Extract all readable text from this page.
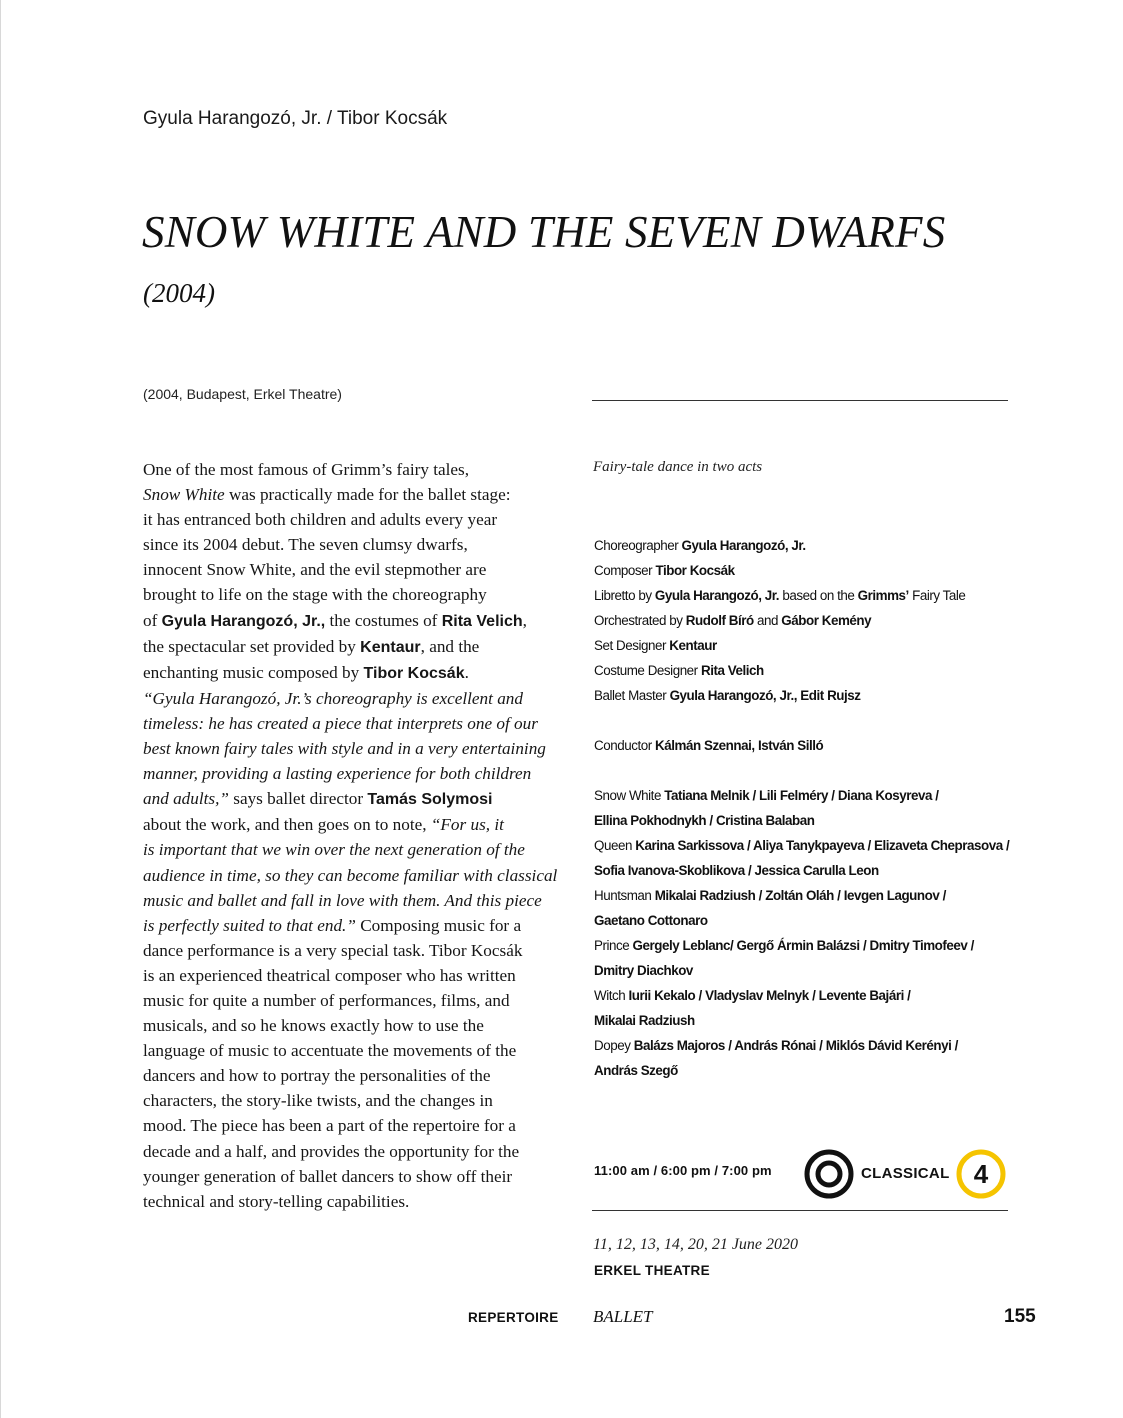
Gyula Harangozó, Jr. / Tibor Kocsák
SNOW WHITE AND THE SEVEN DWARFS
(2004)
(2004, Budapest, Erkel Theatre)
One of the most famous of Grimm’s fairy tales,
Snow White was practically made for the ballet stage:
it has entranced both children and adults every year
since its 2004 debut. The seven clumsy dwarfs,
innocent Snow White, and the evil stepmother are
brought to life on the stage with the choreography
of Gyula Harangozó, Jr., the costumes of Rita Velich,
the spectacular set provided by Kentaur, and the
enchanting music composed by Tibor Kocsák.
“Gyula Harangozó, Jr.’s choreography is excellent and
timeless: he has created a piece that interprets one of our
best known fairy tales with style and in a very entertaining
manner, providing a lasting experience for both children
and adults,” says ballet director Tamás Solymosi
about the work, and then goes on to note, “For us, it
is important that we win over the next generation of the
audience in time, so they can become familiar with classical
music and ballet and fall in love with them. And this piece
is perfectly suited to that end.” Composing music for a
dance performance is a very special task. Tibor Kocsák
is an experienced theatrical composer who has written
music for quite a number of performances, films, and
musicals, and so he knows exactly how to use the
language of music to accentuate the movements of the
dancers and how to portray the personalities of the
characters, the story-like twists, and the changes in
mood. The piece has been a part of the repertoire for a
decade and a half, and provides the opportunity for the
younger generation of ballet dancers to show off their
technical and story-telling capabilities.
Fairy-tale dance in two acts
Choreographer Gyula Harangozó, Jr.
Composer Tibor Kocsák
Libretto by Gyula Harangozó, Jr. based on the Grimms’ Fairy Tale
Orchestrated by Rudolf Bíró and Gábor Kemény
Set Designer Kentaur
Costume Designer Rita Velich
Ballet Master Gyula Harangozó, Jr., Edit Rujsz

Conductor Kálmán Szennai, István Silló

Snow White Tatiana Melnik / Lili Felméry / Diana Kosyreva /
Ellina Pokhodnykh / Cristina Balaban
Queen Karina Sarkissova / Aliya Tanykpayeva / Elizaveta Cheprasova /
Sofia Ivanova-Skoblikova / Jessica Carulla Leon
Huntsman Mikalai Radziush / Zoltán Oláh / Ievgen Lagunov /
Gaetano Cottonaro
Prince Gergely Leblanc/ Gergő Ármin Balázsi / Dmitry Timofeev /
Dmitry Diachkov
Witch Iurii Kekalo / Vladyslav Melnyk / Levente Bajári /
Mikalai Radziush
Dopey Balázs Majoros / András Rónai / Miklós Dávid Kerényi /
András Szegő
11:00 am / 6:00 pm / 7:00 pm	CLASSICAL 4
11, 12, 13, 14, 20, 21 June 2020
ERKEL THEATRE
REPERTOIRE BALLET	155
